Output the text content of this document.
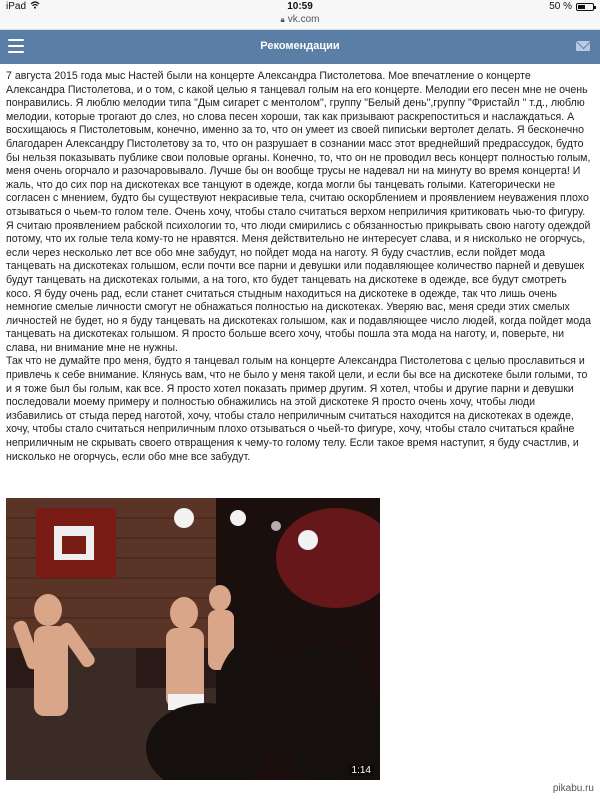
iPad	10:59	50 %
🔒︎ vk.com
Рекомендации

7 августа 2015 года мыс Настей были на концерте Александра Пистолетова. Мое впечатление о концерте Александра Пистолетова, и о том, с какой целью я танцевал голым на его концерте. Мелодии его песен мне не очень понравились. Я люблю мелодии типа "Дым сигарет с ментолом", группу "Белый день",группу "Фристайл " т.д., люблю мелодии, которые трогают до слез, но слова песен хороши, так как призывают раскрепоститься и наслаждаться. А восхищаюсь я Пистолетовым, конечно, именно за то, что он умеет из своей пиписьки вертолет делать. Я бесконечно благодарен Александру Пистолетову за то, что он разрушает в сознании масс этот вреднейший предрассудок, будто бы нельзя показывать публике свои половые органы. Конечно, то, что он не проводил весь концерт полностью голым, меня очень огорчало и разочаровывало. Лучше бы он вообще трусы не надевал ни на минуту во время концерта! И жаль, что до сих пор на дискотеках все танцуют в одежде, когда могли бы танцевать голыми. Категорически не согласен с мнением, будто бы существуют некрасивые тела, считаю оскорблением и проявлением неуважения плохо отзываться о чьем-то голом теле. Очень хочу, чтобы стало считаться верхом неприличия критиковать чью-то фигуру. Я считаю проявлением рабской психологии то, что люди смирились с обязанностью прикрывать свою наготу одеждой потому, что их голые тела кому-то не нравятся. Меня действительно не интересует слава, и я нисколько не огорчусь, если через несколько лет все обо мне забудут, но пойдет мода на наготу. Я буду счастлив, если пойдет мода танцевать на дискотеках голышом, если почти все парни и девушки или подавляющее количество парней и девушек будут танцевать на дискотеках голыми, а на того, кто будет танцевать на дискотеке в одежде, все будут смотреть косо. Я буду очень рад, если станет считаться стыдным находиться на дискотеке в одежде, так что лишь очень немногие смелые личности смогут не обнажаться полностью на дискотеках. Уверяю вас, меня среди этих смелых личностей не будет, но я буду танцевать на дискотеках голышом, как и подавляющее число людей, когда пойдет мода танцевать на дискотеках голышом. Я просто больше всего хочу, чтобы пошла эта мода на наготу, и, поверьте, ни слава, ни внимание мне не нужны.

Так что не думайте про меня, будто я танцевал голым на концерте Александра Пистолетова с целью прославиться и привлечь к себе внимание. Клянусь вам, что не было у меня такой цели, и если бы все на дискотеке были голыми, то и я тоже был бы голым, как все. Я просто хотел показать пример другим. Я хотел, чтобы и другие парни и девушки последовали моему примеру и полностью обнажились на этой дискотеке Я просто очень хочу, чтобы люди избавились от стыда перед наготой, хочу, чтобы стало неприличным считаться находится на дискотеках в одежде, хочу, чтобы стало считаться неприличным плохо отзываться о чьей-то фигуре, хочу, чтобы стало считаться крайне неприличным не скрывать своего отвращения к чему-то голому телу. Если такое время наступит, я буду счастлив, и нисколько не огорчусь, если обо мне все забудут.

1:14
pikabu.ru
